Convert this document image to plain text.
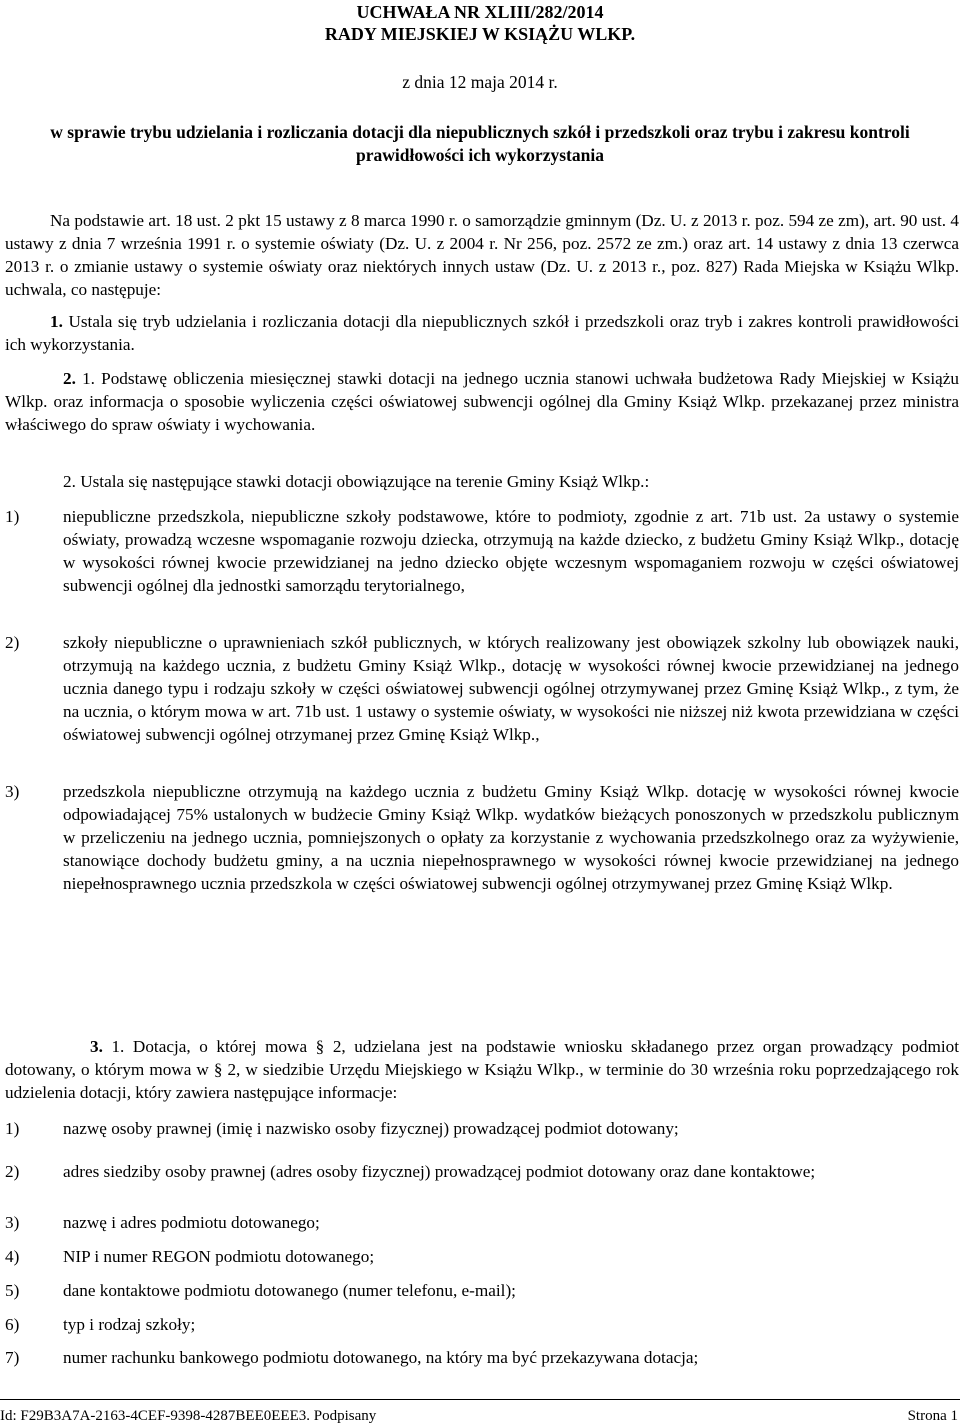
UCHWAŁA NR XLIII/282/2014
RADY MIEJSKIEJ W KSIĄŻU WLKP.
z dnia 12 maja 2014 r.
w sprawie trybu udzielania i rozliczania dotacji dla niepublicznych szkół i przedszkoli oraz trybu i zakresu kontroli prawidłowości ich wykorzystania
Na podstawie art. 18 ust. 2 pkt 15 ustawy z 8 marca 1990 r. o samorządzie gminnym (Dz. U. z 2013 r. poz. 594 ze zm), art. 90 ust. 4 ustawy z dnia 7 września 1991 r. o systemie oświaty (Dz. U. z 2004 r. Nr 256, poz. 2572 ze zm.) oraz art. 14 ustawy z dnia 13 czerwca 2013 r. o zmianie ustawy o systemie oświaty oraz niektórych innych ustaw (Dz. U. z 2013 r., poz. 827) Rada Miejska w Książu Wlkp. uchwala, co następuje:
1. Ustala się tryb udzielania i rozliczania dotacji dla niepublicznych szkół i przedszkoli oraz tryb i zakres kontroli prawidłowości ich wykorzystania.
2. 1. Podstawę obliczenia miesięcznej stawki dotacji na jednego ucznia stanowi uchwała budżetowa Rady Miejskiej w Książu Wlkp. oraz informacja o sposobie wyliczenia części oświatowej subwencji ogólnej dla Gminy Książ Wlkp. przekazanej przez ministra właściwego do spraw oświaty i wychowania.
2. Ustala się następujące stawki dotacji obowiązujące na terenie Gminy Książ Wlkp.:
1)	niepubliczne przedszkola, niepubliczne szkoły podstawowe, które to podmioty, zgodnie z art. 71b ust. 2a ustawy o systemie oświaty, prowadzą wczesne wspomaganie rozwoju dziecka, otrzymują na każde dziecko, z budżetu Gminy Książ Wlkp., dotację w wysokości równej kwocie przewidzianej na jedno dziecko objęte wczesnym wspomaganiem rozwoju w części oświatowej subwencji ogólnej dla jednostki samorządu terytorialnego,
2)	szkoły niepubliczne o uprawnieniach szkół publicznych, w których realizowany jest obowiązek szkolny lub obowiązek nauki, otrzymują na każdego ucznia, z budżetu Gminy Książ Wlkp., dotację w wysokości równej kwocie przewidzianej na jednego ucznia danego typu i rodzaju szkoły w części oświatowej subwencji ogólnej otrzymywanej przez Gminę Książ Wlkp., z tym, że na ucznia, o którym mowa w art. 71b ust. 1 ustawy o systemie oświaty, w wysokości nie niższej niż kwota przewidziana w części oświatowej subwencji ogólnej otrzymanej przez Gminę Książ Wlkp.,
3)	przedszkola niepubliczne otrzymują na każdego ucznia z budżetu Gminy Książ Wlkp. dotację w wysokości równej kwocie odpowiadającej 75% ustalonych w budżecie Gminy Książ Wlkp. wydatków bieżących ponoszonych w przedszkolu publicznym w przeliczeniu na jednego ucznia, pomniejszonych o opłaty za korzystanie z wychowania przedszkolnego oraz za wyżywienie, stanowiące dochody budżetu gminy, a na ucznia niepełnosprawnego w wysokości równej kwocie przewidzianej na jednego niepełnosprawnego ucznia przedszkola w części oświatowej subwencji ogólnej otrzymywanej przez Gminę Książ Wlkp.
3. 1. Dotacja, o której mowa § 2, udzielana jest na podstawie wniosku składanego przez organ prowadzący podmiot dotowany, o którym mowa w § 2, w siedzibie Urzędu Miejskiego w Książu Wlkp., w terminie do 30 września roku poprzedzającego rok udzielenia dotacji, który zawiera następujące informacje:
1)	nazwę osoby prawnej (imię i nazwisko osoby fizycznej) prowadzącej podmiot dotowany;
2)	adres siedziby osoby prawnej (adres osoby fizycznej) prowadzącej podmiot dotowany oraz dane kontaktowe;
3)	nazwę i adres podmiotu dotowanego;
4)	NIP i numer REGON podmiotu dotowanego;
5)	dane kontaktowe podmiotu dotowanego (numer telefonu, e-mail);
6)	typ i rodzaj szkoły;
7)	numer rachunku bankowego podmiotu dotowanego, na który ma być przekazywana dotacja;
Id: F29B3A7A-2163-4CEF-9398-4287BEE0EEE3. Podpisany	Strona 1
